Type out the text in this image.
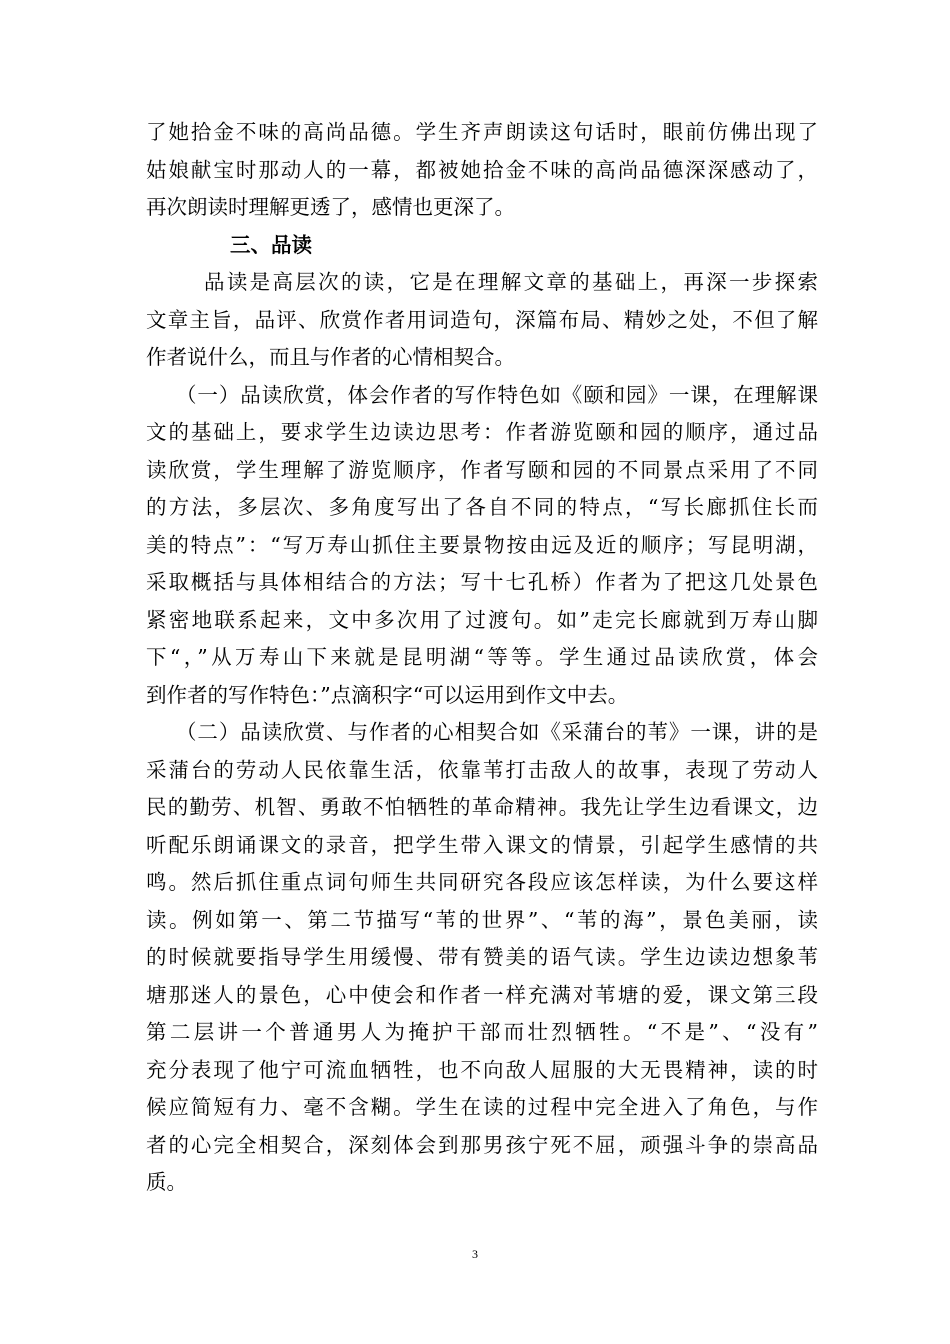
了她拾金不味的高尚品德。学生齐声朗读这句话时，眼前仿佛出现了
姑娘献宝时那动人的一幕，都被她拾金不味的高尚品德深深感动了，
再次朗读时理解更透了，感情也更深了。
三、品读
品读是高层次的读，它是在理解文章的基础上，再深一步探索
文章主旨，品评、欣赏作者用词造句，深篇布局、精妙之处，不但了解
作者说什么，而且与作者的心情相契合。
（一）品读欣赏，体会作者的写作特色如《颐和园》一课，在理解课
文的基础上，要求学生边读边思考：作者游览颐和园的顺序，通过品
读欣赏，学生理解了游览顺序，作者写颐和园的不同景点采用了不同
的方法，多层次、多角度写出了各自不同的特点，“写长廊抓住长而
美的特点”：“写万寿山抓住主要景物按由远及近的顺序；写昆明湖，
采取概括与具体相结合的方法；写十七孔桥）作者为了把这几处景色
紧密地联系起来，文中多次用了过渡句。如”走完长廊就到万寿山脚
下“，”从万寿山下来就是昆明湖“等等。学生通过品读欣赏，体会
到作者的写作特色：”点滴积字“可以运用到作文中去。
（二）品读欣赏、与作者的心相契合如《采蒲台的苇》一课，讲的是
采蒲台的劳动人民依靠生活，依靠苇打击敌人的故事，表现了劳动人
民的勤劳、机智、勇敢不怕牺牲的革命精神。我先让学生边看课文，边
听配乐朗诵课文的录音，把学生带入课文的情景，引起学生感情的共
鸣。然后抓住重点词句师生共同研究各段应该怎样读，为什么要这样
读。例如第一、第二节描写“苇的世界”、“苇的海”，景色美丽，读
的时候就要指导学生用缓慢、带有赞美的语气读。学生边读边想象苇
塘那迷人的景色，心中使会和作者一样充满对苇塘的爱，课文第三段
第二层讲一个普通男人为掩护干部而壮烈牺牲。“不是”、“没有”
充分表现了他宁可流血牺牲，也不向敌人屈服的大无畏精神，读的时
候应简短有力、毫不含糊。学生在读的过程中完全进入了角色，与作
者的心完全相契合，深刻体会到那男孩宁死不屈，顽强斗争的崇高品
质。
3
